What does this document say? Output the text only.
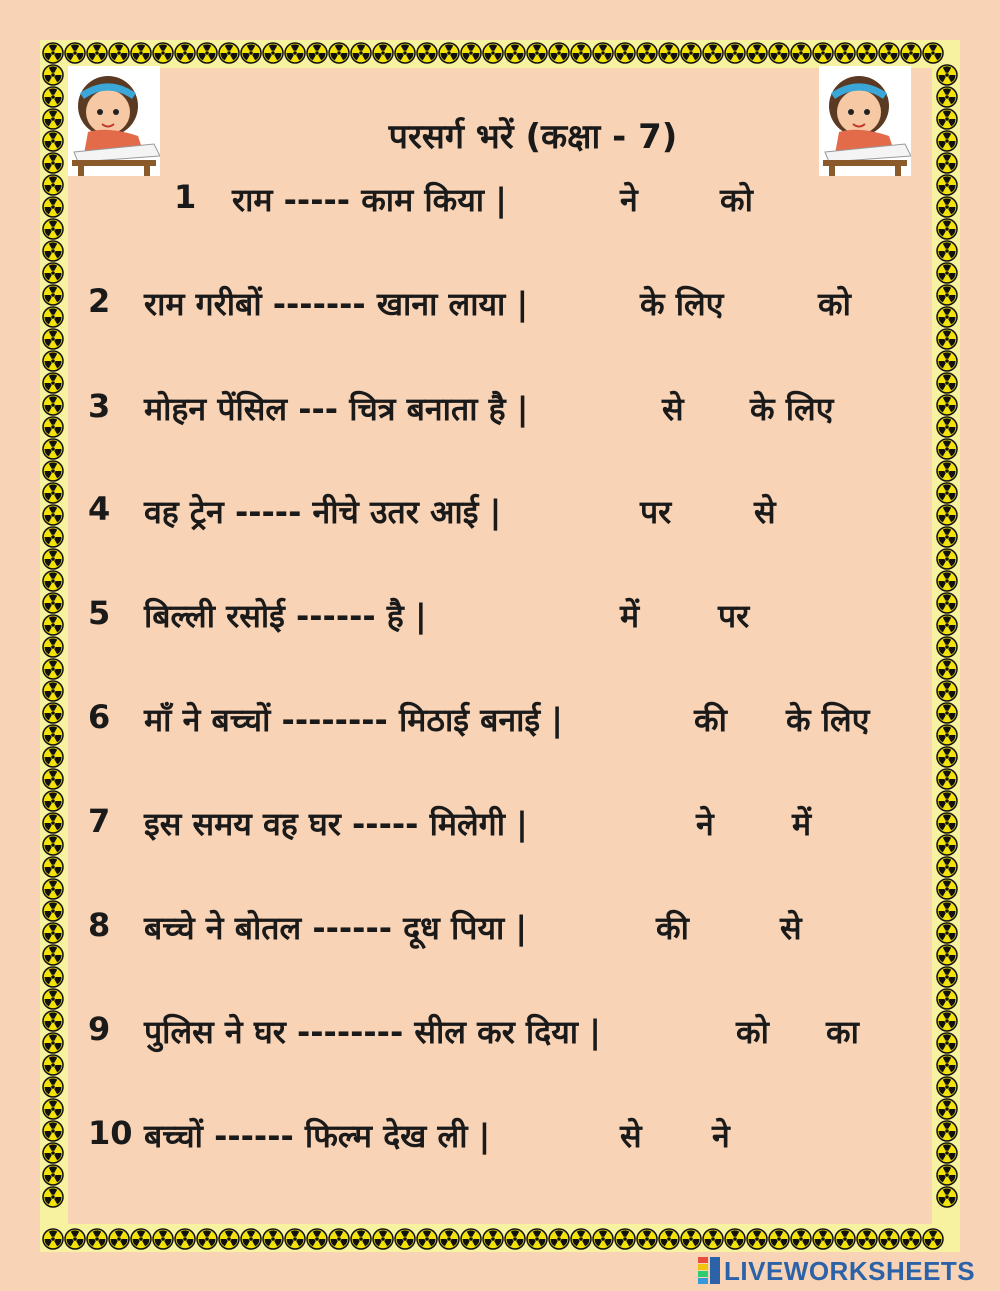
परसर्ग भरें (कक्षा - 7)
1 राम ----- काम किया |	ने	को
2 राम गरीबों ------- खाना लाया |	के लिए	को
3 मोहन पेंसिल --- चित्र बनाता है |	से के लिए
4 वह ट्रेन ----- नीचे उतर आई |	पर	से
5 बिल्ली रसोई ------ है |	में पर
6 माँ ने बच्चों -------- मिठाई बनाई |	की के लिए
7 इस समय वह घर ----- मिलेगी |	ने में
8 बच्चे ने बोतल ------ दूध पिया |	की	से
9 पुलिस ने घर -------- सील कर दिया |	को का
10 बच्चों ------ फिल्म देख ली |	से ने
LIVEWORKSHEETS
